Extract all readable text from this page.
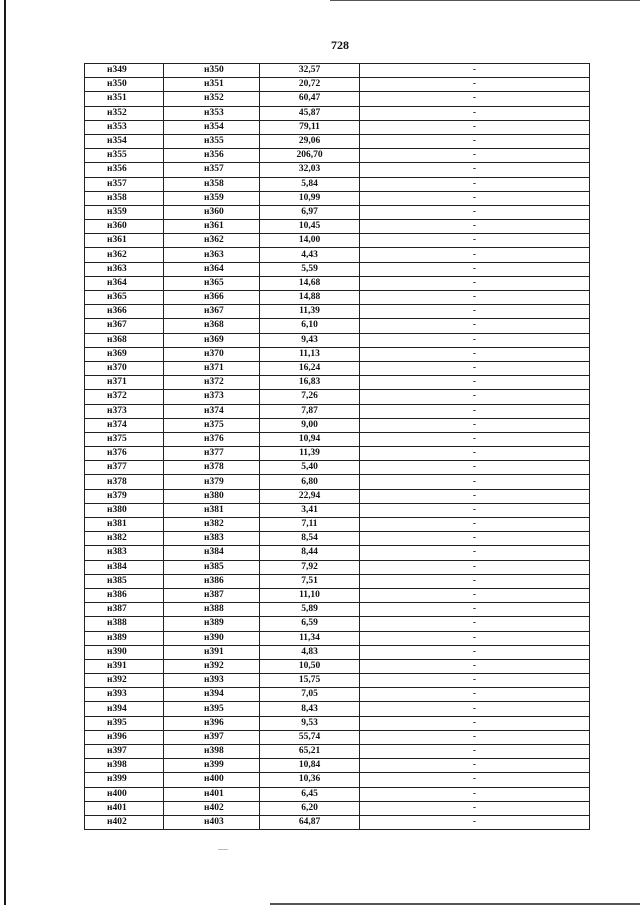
728
н349	н350	32,57	-
н350	н351	20,72	-
н351	н352	60,47	-
н352	н353	45,87	-
н353	н354	79,11	-
н354	н355	29,06	-
н355	н356	206,70	-
н356	н357	32,03	-
н357	н358	5,84	-
н358	н359	10,99	-
н359	н360	6,97	-
н360	н361	10,45	-
н361	н362	14,00	-
н362	н363	4,43	-
н363	н364	5,59	-
н364	н365	14,68	-
н365	н366	14,88	-
н366	н367	11,39	-
н367	н368	6,10	-
н368	н369	9,43	-
н369	н370	11,13	-
н370	н371	16,24	-
н371	н372	16,83	-
н372	н373	7,26	-
н373	н374	7,87	-
н374	н375	9,00	-
н375	н376	10,94	-
н376	н377	11,39	-
н377	н378	5,40	-
н378	н379	6,80	-
н379	н380	22,94	-
н380	н381	3,41	-
н381	н382	7,11	-
н382	н383	8,54	-
н383	н384	8,44	-
н384	н385	7,92	-
н385	н386	7,51	-
н386	н387	11,10	-
н387	н388	5,89	-
н388	н389	6,59	-
н389	н390	11,34	-
н390	н391	4,83	-
н391	н392	10,50	-
н392	н393	15,75	-
н393	н394	7,05	-
н394	н395	8,43	-
н395	н396	9,53	-
н396	н397	55,74	-
н397	н398	65,21	-
н398	н399	10,84	-
н399	н400	10,36	-
н400	н401	6,45	-
н401	н402	6,20	-
н402	н403	64,87	-
